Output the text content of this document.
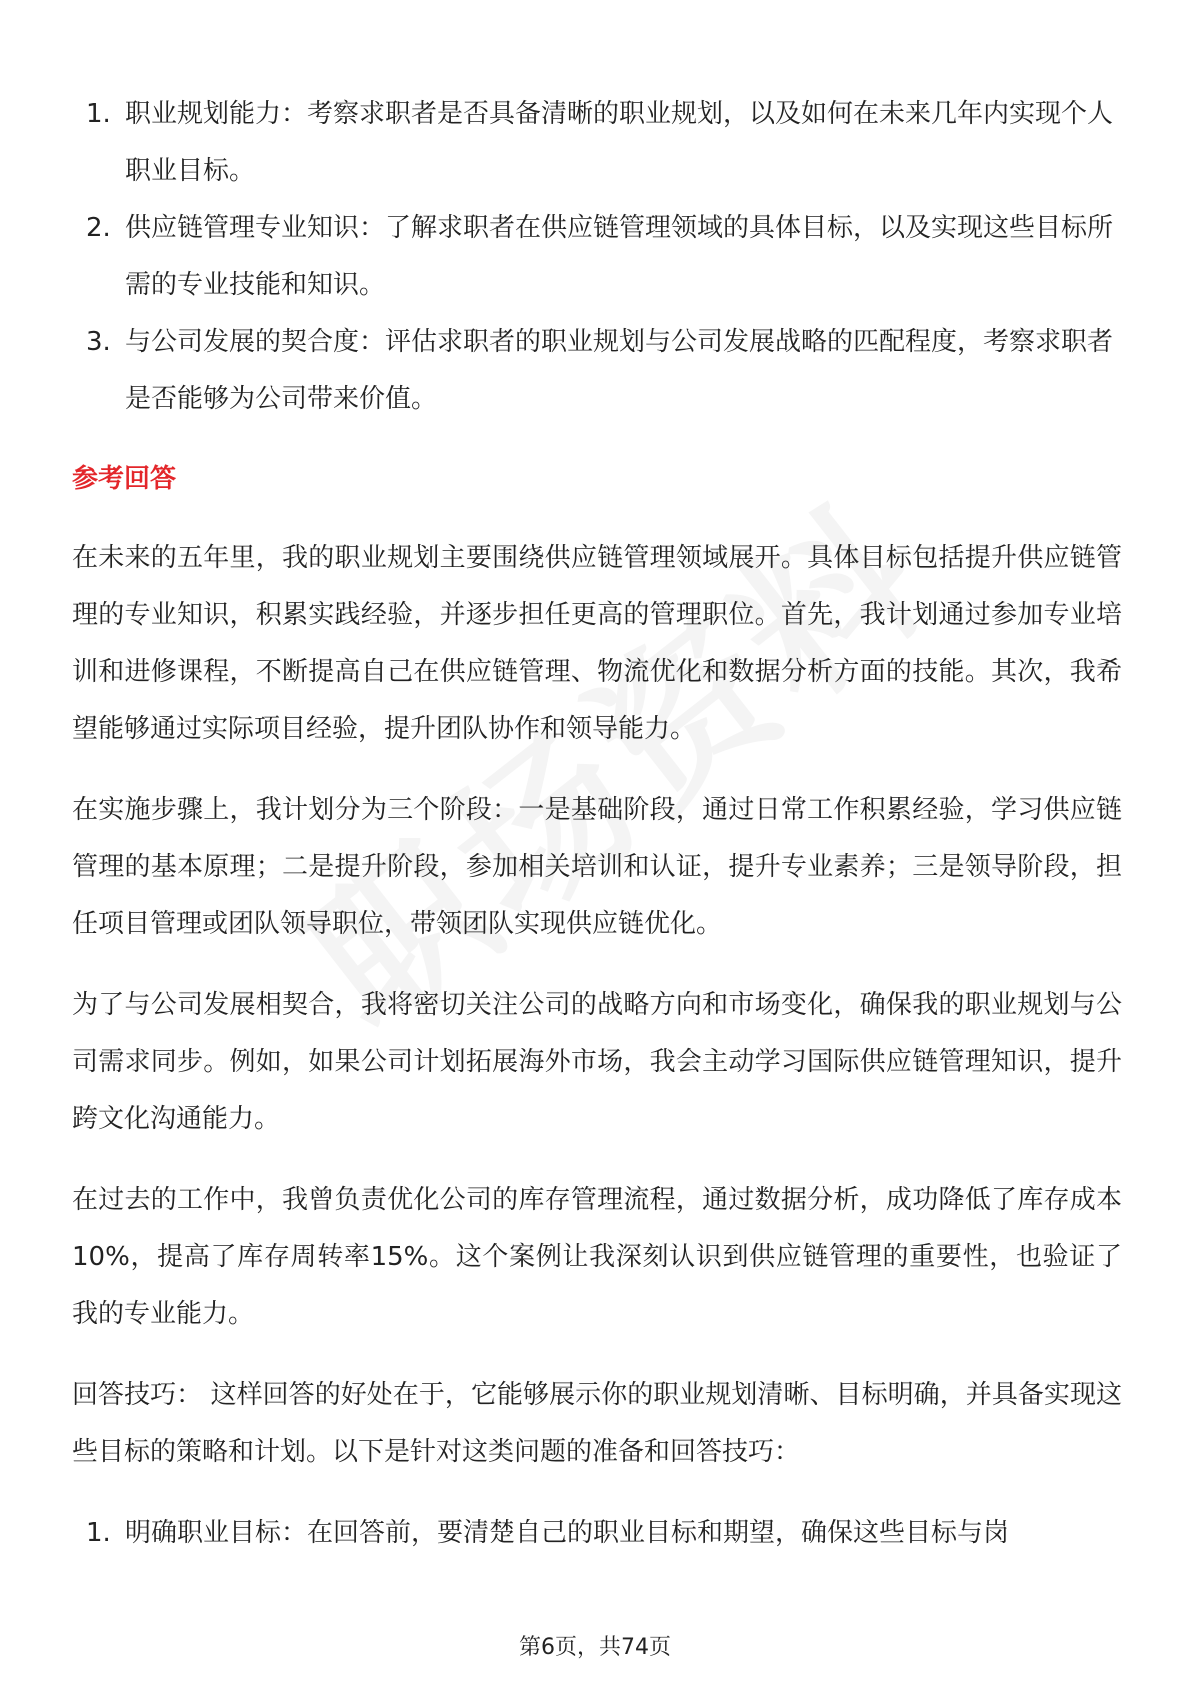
1. 职业规划能力：考察求职者是否具备清晰的职业规划，以及如何在未来几年内实现个人职业目标。
2. 供应链管理专业知识：了解求职者在供应链管理领域的具体目标，以及实现这些目标所需的专业技能和知识。
3. 与公司发展的契合度：评估求职者的职业规划与公司发展战略的匹配程度，考察求职者是否能够为公司带来价值。
参考回答

在未来的五年里，我的职业规划主要围绕供应链管理领域展开。具体目标包括提升供应链管理的专业知识，积累实践经验，并逐步担任更高的管理职位。首先，我计划通过参加专业培训和进修课程，不断提高自己在供应链管理、物流优化和数据分析方面的技能。其次，我希望能够通过实际项目经验，提升团队协作和领导能力。

在实施步骤上，我计划分为三个阶段：一是基础阶段，通过日常工作积累经验，学习供应链管理的基本原理；二是提升阶段，参加相关培训和认证，提升专业素养；三是领导阶段，担任项目管理或团队领导职位，带领团队实现供应链优化。

为了与公司发展相契合，我将密切关注公司的战略方向和市场变化，确保我的职业规划与公司需求同步。例如，如果公司计划拓展海外市场，我会主动学习国际供应链管理知识，提升跨文化沟通能力。

在过去的工作中，我曾负责优化公司的库存管理流程，通过数据分析，成功降低了库存成本10%，提高了库存周转率15%。这个案例让我深刻认识到供应链管理的重要性，也验证了我的专业能力。

回答技巧： 这样回答的好处在于，它能够展示你的职业规划清晰、目标明确，并具备实现这些目标的策略和计划。以下是针对这类问题的准备和回答技巧：

1. 明确职业目标：在回答前，要清楚自己的职业目标和期望，确保这些目标与岗
第6页，共74页
